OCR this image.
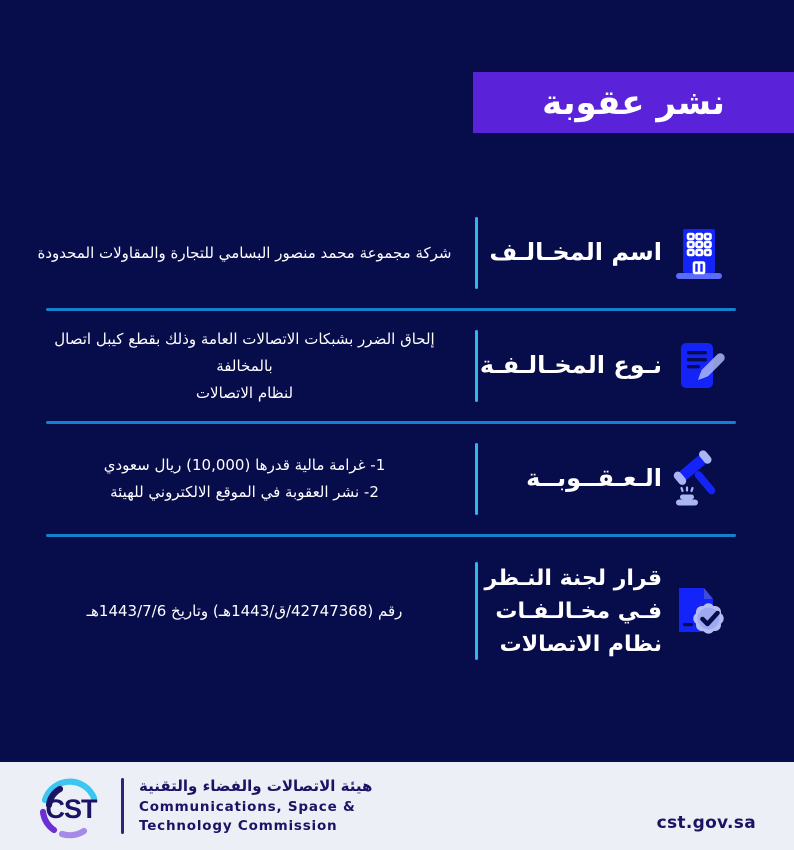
نشر عقوبة
اسم المخـالـف
شركة مجموعة محمد منصور البسامي للتجارة والمقاولات المحدودة
نـوع المخـالـفـة
إلحاق الضرر بشبكات الاتصالات العامة وذلك بقطع كيبل اتصال بالمخالفة
لنظام الاتصالات
الـعـقــوبــة
1- غرامة مالية قدرها (10,000) ريال سعودي
2- نشر العقوبة في الموقع الالكتروني للهيئة
قرار لجنة النـظر
فـي مخـالـفـات
نظام الاتصالات
رقم (42747368/ق/1443هـ) وتاريخ 1443/7/6هـ
CST
هيئة الاتصالات والفضاء والتقنية
Communications, Space &
Technology Commission	cst.gov.sa
